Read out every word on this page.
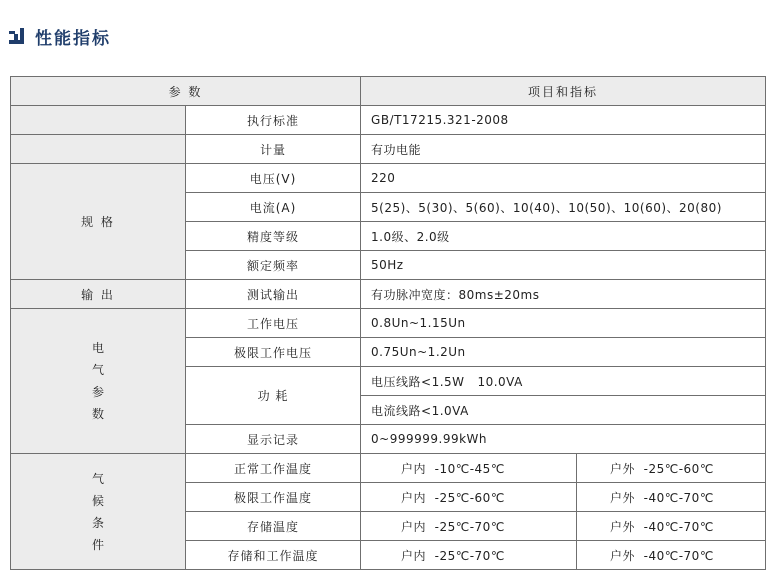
性能指标
参 数		项目和指标	
	执行标准	GB/T17215.321-2008	
	计量	有功电能	
规 格	电压(V)	220	
	电流(A)	5(25)、5(30)、5(60)、10(40)、10(50)、10(60)、20(80)	
	精度等级	1.0级、2.0级	
	额定频率	50Hz	
输 出	测试输出	有功脉冲宽度：80ms±20ms	

电
气
参
数	工作电压	0.8Un~1.15Un	
	极限工作电压	0.75Un~1.2Un	
	功 耗	电压线路<1.5W   10.0VA	
		电流线路<1.0VA	
	显示记录	0~999999.99kWh	

气
候
条
件	正常工作温度	户内  -10℃-45℃	户外  -25℃-60℃
	极限工作温度	户内  -25℃-60℃	户外  -40℃-70℃
	存储温度	户内  -25℃-70℃	户外  -40℃-70℃
	存储和工作温度	户内  -25℃-70℃	户外  -40℃-70℃
